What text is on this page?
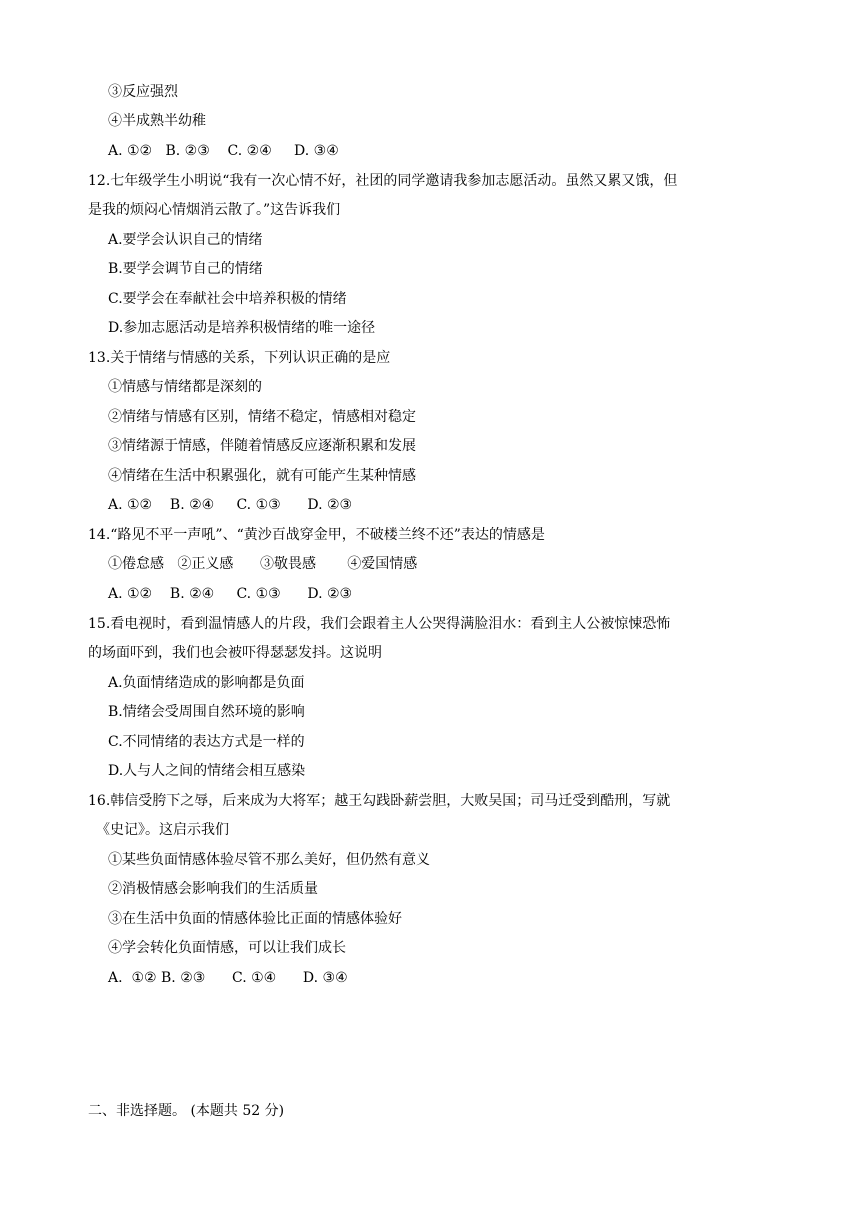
③反应强烈
④半成熟半幼稚
A. ①②   B. ②③    C. ②④     D. ③④
12.七年级学生小明说“我有一次心情不好，社团的同学邀请我参加志愿活动。虽然又累又饿，但
是我的烦闷心情烟消云散了。”这告诉我们
A.要学会认识自己的情绪
B.要学会调节自己的情绪
C.要学会在奉献社会中培养积极的情绪
D.参加志愿活动是培养积极情绪的唯一途径
13.关于情绪与情感的关系，下列认识正确的是应
①情感与情绪都是深刻的
②情绪与情感有区别，情绪不稳定，情感相对稳定
③情绪源于情感，伴随着情感反应逐渐积累和发展
④情绪在生活中积累强化，就有可能产生某种情感
A. ①②    B. ②④     C. ①③      D. ②③
14.“路见不平一声吼”、“黄沙百战穿金甲，不破楼兰终不还”表达的情感是
①倦怠感   ②正义感      ③敬畏感       ④爱国情感
A. ①②    B. ②④     C. ①③      D. ②③
15.看电视时，看到温情感人的片段，我们会跟着主人公哭得满脸泪水：看到主人公被惊悚恐怖
的场面吓到，我们也会被吓得瑟瑟发抖。这说明
A.负面情绪造成的影响都是负面
B.情绪会受周围自然环境的影响
C.不同情绪的表达方式是一样的
D.人与人之间的情绪会相互感染
16.韩信受胯下之辱，后来成为大将军；越王勾践卧薪尝胆，大败吴国；司马迁受到酷刑，写就
《史记》。这启示我们
①某些负面情感体验尽管不那么美好，但仍然有意义
②消极情感会影响我们的生活质量
③在生活中负面的情感体验比正面的情感体验好
④学会转化负面情感，可以让我们成长
A.  ①② B. ②③      C. ①④      D. ③④
二、非选择题。 (本题共 52 分)
